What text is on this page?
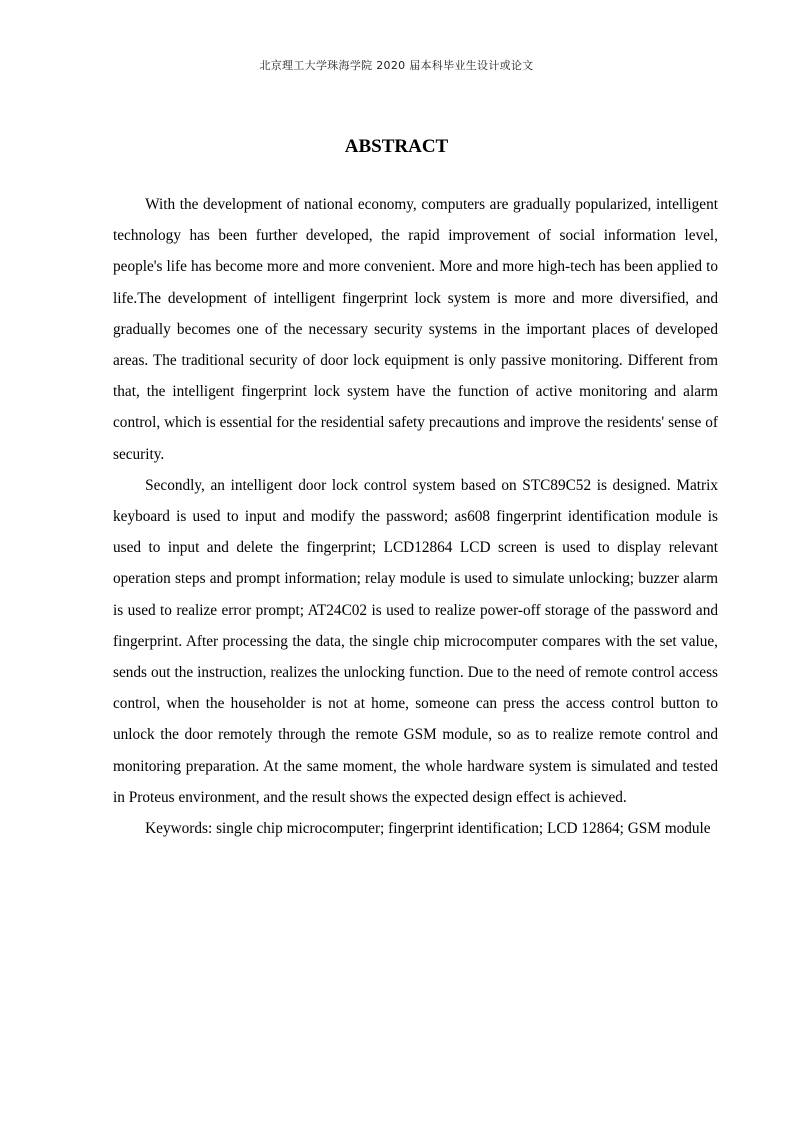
北京理工大学珠海学院 2020 届本科毕业生设计或论文
ABSTRACT

With the development of national economy, computers are gradually popularized, intelligent technology has been further developed, the rapid improvement of social information level, people's life has become more and more convenient. More and more high-tech has been applied to life.The development of intelligent fingerprint lock system is more and more diversified, and gradually becomes one of the necessary security systems in the important places of developed areas. The traditional security of door lock equipment is only passive monitoring. Different from that, the intelligent fingerprint lock system have the function of active monitoring and alarm control, which is essential for the residential safety precautions and improve the residents' sense of security.

Secondly, an intelligent door lock control system based on STC89C52 is designed. Matrix keyboard is used to input and modify the password; as608 fingerprint identification module is used to input and delete the fingerprint; LCD12864 LCD screen is used to display relevant operation steps and prompt information; relay module is used to simulate unlocking; buzzer alarm is used to realize error prompt; AT24C02 is used to realize power-off storage of the password and fingerprint. After processing the data, the single chip microcomputer compares with the set value, sends out the instruction, realizes the unlocking function. Due to the need of remote control access control, when the householder is not at home, someone can press the access control button to unlock the door remotely through the remote GSM module, so as to realize remote control and monitoring preparation. At the same moment, the whole hardware system is simulated and tested in Proteus environment, and the result shows the expected design effect is achieved.

Keywords: single chip microcomputer; fingerprint identification; LCD 12864; GSM module
